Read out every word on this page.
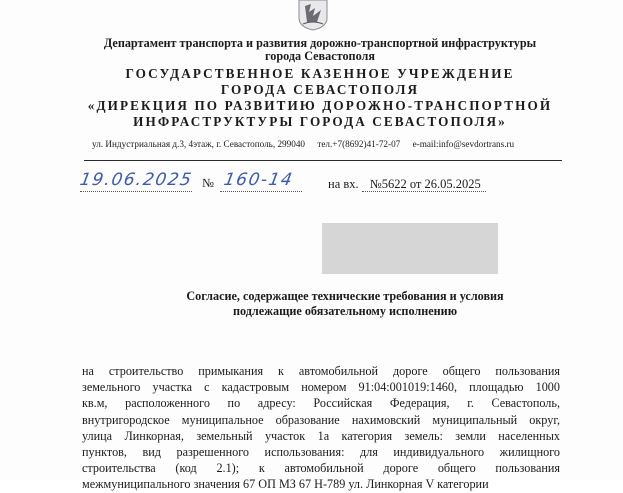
Департамент транспорта и развития дорожно-транспортной инфраструктуры
города Севастополя
ГОСУДАРСТВЕННОЕ КАЗЕННОЕ УЧРЕЖДЕНИЕ
ГОРОДА СЕВАСТОПОЛЯ
«ДИРЕКЦИЯ ПО РАЗВИТИЮ ДОРОЖНО-ТРАНСПОРТНОЙ
ИНФРАСТРУКТУРЫ ГОРОДА СЕВАСТОПОЛЯ»
ул. Индустриальная д.3, 4этаж, г. Севастополь, 299040 тел.+7(8692)41-72-07 e-mail:info@sevdortrans.ru
19.06.2025 № 160-14	на вх. №5622 от 26.05.2025
Согласие, содержащее технические требования и условия
подлежащие обязательному исполнению
на строительство примыкания к автомобильной дороге общего пользования
земельного участка с кадастровым номером 91:04:001019:1460, площадью 1000
кв.м, расположенного по адресу: Российская Федерация, г. Севастополь,
внутригородское муниципальное образование нахимовский муниципальный округ,
улица Линкорная, земельный участок 1а категория земель: земли населенных
пунктов, вид разрешенного использования: для индивидуального жилищного
строительства (код 2.1); к автомобильной дороге общего пользования
межмуниципального значения 67 ОП МЗ 67 Н-789 ул. Линкорная V категории
